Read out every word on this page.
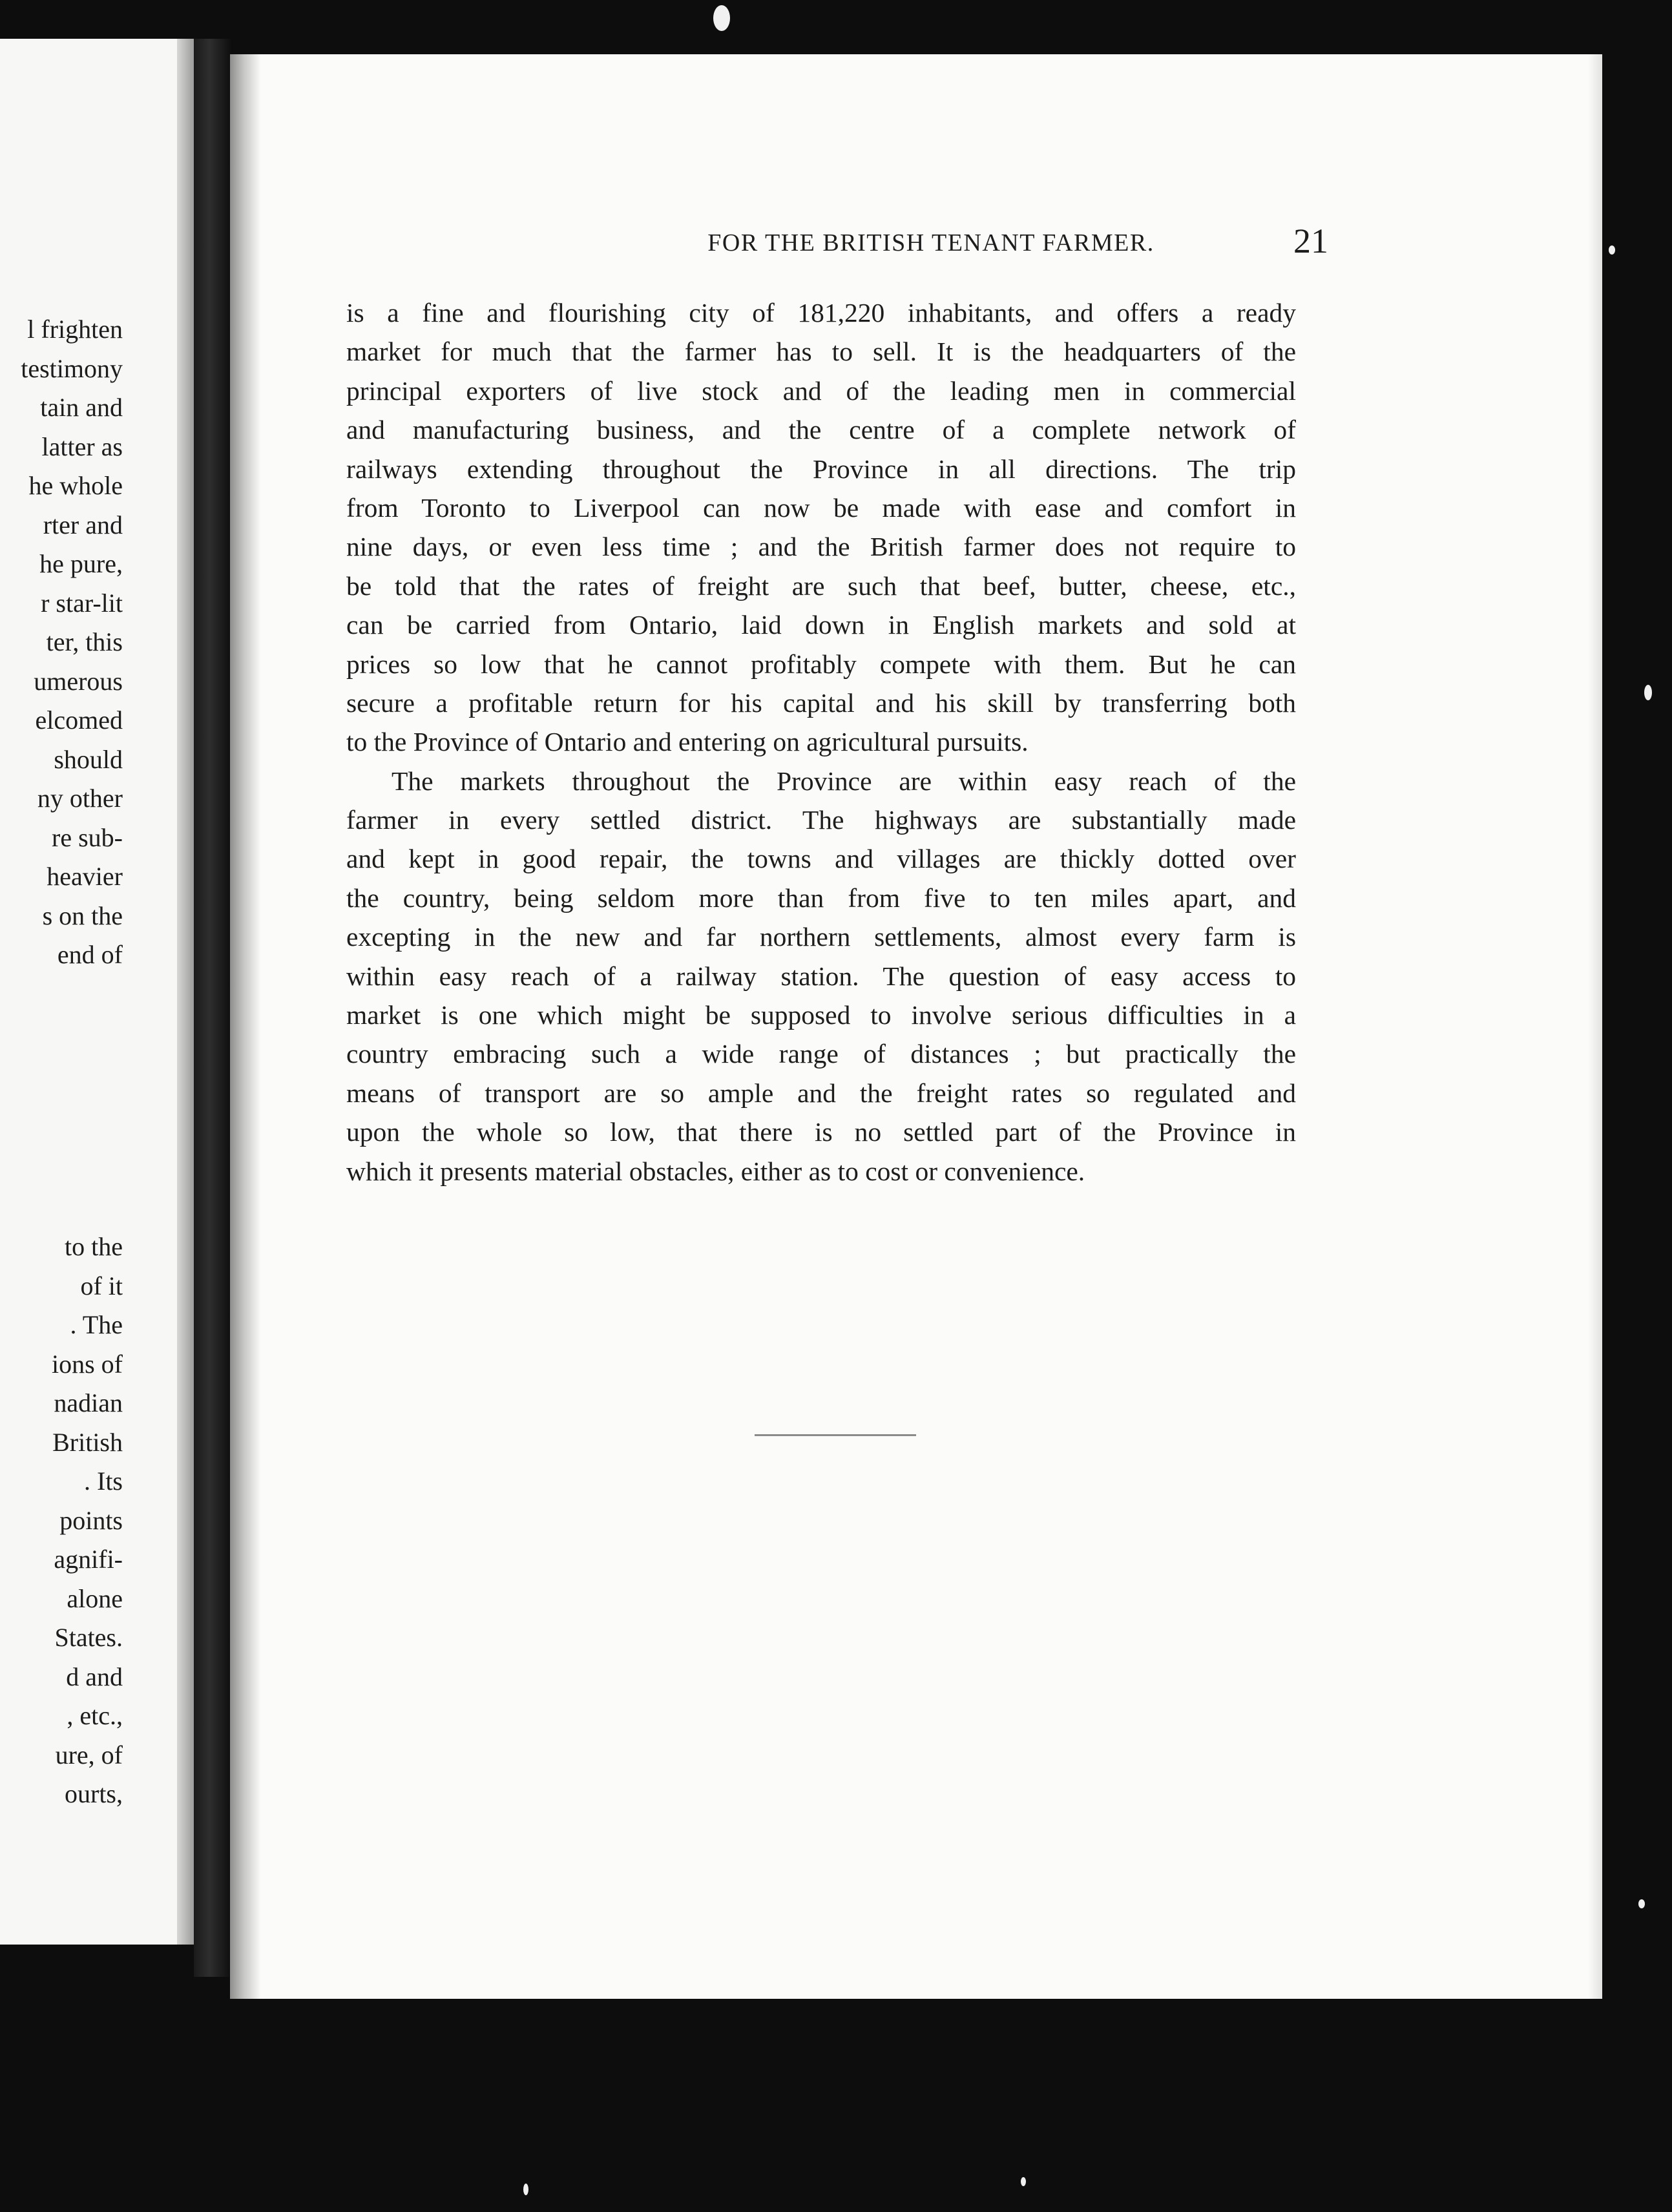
l frighten
testimony
tain and
latter as
he whole
rter and
he pure,
r star-lit
ter, this
umerous
elcomed
should
ny other
re sub-
heavier
s on the
end of
to the
of it
. The
ions of
nadian
British
. Its
points
agnifi-
alone
States.
d and
, etc.,
ure, of
ourts,
FOR THE BRITISH TENANT FARMER.	21
is a fine and flourishing city of 181,220 inhabitants, and offers a ready
market for much that the farmer has to sell. It is the headquarters of the
principal exporters of live stock and of the leading men in commercial
and manufacturing business, and the centre of a complete network of
railways extending throughout the Province in all directions. The trip
from Toronto to Liverpool can now be made with ease and comfort in
nine days, or even less time ; and the British farmer does not require to
be told that the rates of freight are such that beef, butter, cheese, etc.,
can be carried from Ontario, laid down in English markets and sold at
prices so low that he cannot profitably compete with them. But he can
secure a profitable return for his capital and his skill by transferring both
to the Province of Ontario and entering on agricultural pursuits.
The markets throughout the Province are within easy reach of the
farmer in every settled district. The highways are substantially made
and kept in good repair, the towns and villages are thickly dotted over
the country, being seldom more than from five to ten miles apart, and
excepting in the new and far northern settlements, almost every farm is
within easy reach of a railway station. The question of easy access to
market is one which might be supposed to involve serious difficulties in a
country embracing such a wide range of distances ; but practically the
means of transport are so ample and the freight rates so regulated and
upon the whole so low, that there is no settled part of the Province in
which it presents material obstacles, either as to cost or convenience.
